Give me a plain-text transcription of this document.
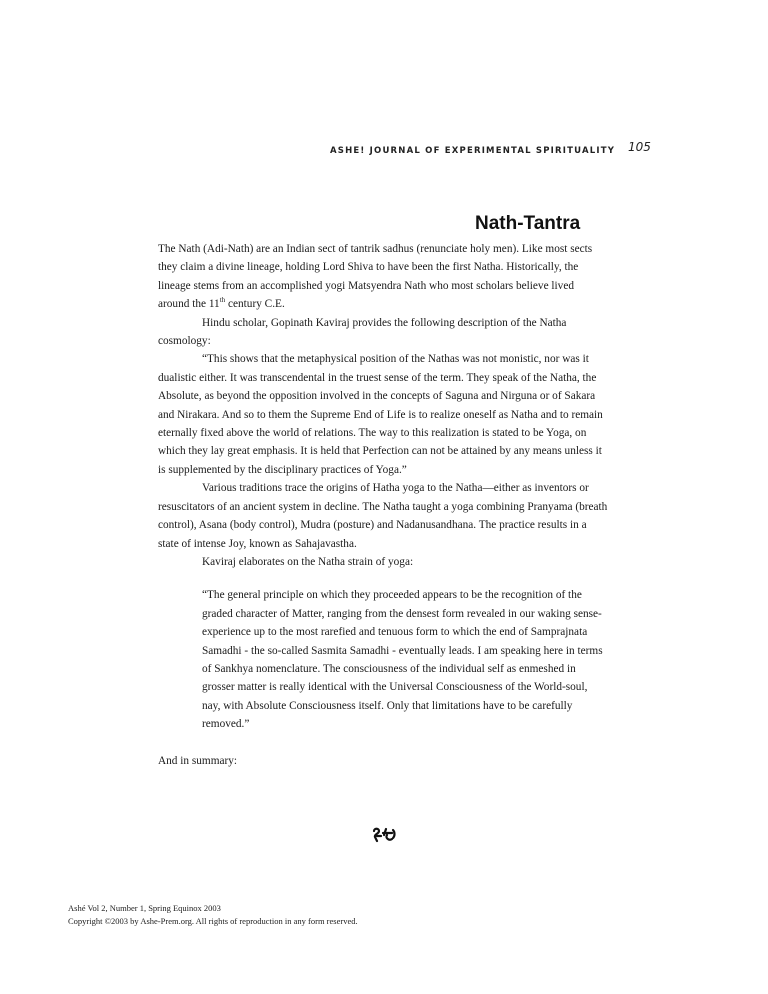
ASHE! JOURNAL OF EXPERIMENTAL SPIRITUALITY 105
Nath-Tantra

The Nath (Adi-Nath) are an Indian sect of tantrik sadhus (renunciate holy men). Like most sects they claim a divine lineage, holding Lord Shiva to have been the first Natha. Historically, the lineage stems from an accomplished yogi Matsyendra Nath who most scholars believe lived around the 11th century C.E.

Hindu scholar, Gopinath Kaviraj provides the following description of the Natha cosmology:

“This shows that the metaphysical position of the Nathas was not monistic, nor was it dualistic either. It was transcendental in the truest sense of the term. They speak of the Natha, the Absolute, as beyond the opposition involved in the concepts of Saguna and Nirguna or of Sakara and Nirakara. And so to them the Supreme End of Life is to realize oneself as Natha and to remain eternally fixed above the world of relations. The way to this realization is stated to be Yoga, on which they lay great emphasis. It is held that Perfection can not be attained by any means unless it is supplemented by the disciplinary practices of Yoga.”

Various traditions trace the origins of Hatha yoga to the Natha—either as inventors or resuscitators of an ancient system in decline. The Natha taught a yoga combining Pranyama (breath control), Asana (body control), Mudra (posture) and Nadanusandhana. The practice results in a state of intense Joy, known as Sahajavastha.

Kaviraj elaborates on the Natha strain of yoga:

“The general principle on which they proceeded appears to be the recognition of the graded character of Matter, ranging from the densest form revealed in our waking sense-experience up to the most rarefied and tenuous form to which the end of Samprajnata Samadhi - the so-called Sasmita Samadhi - eventually leads. I am speaking here in terms of Sankhya nomenclature. The consciousness of the individual self as enmeshed in grosser matter is really identical with the Universal Consciousness of the World-soul, nay, with Absolute Consciousness itself. Only that limitations have to be carefully removed.”

And in summary:

Ashé Vol 2, Number 1, Spring Equinox 2003
Copyright ©2003 by Ashe-Prem.org. All rights of reproduction in any form reserved.
